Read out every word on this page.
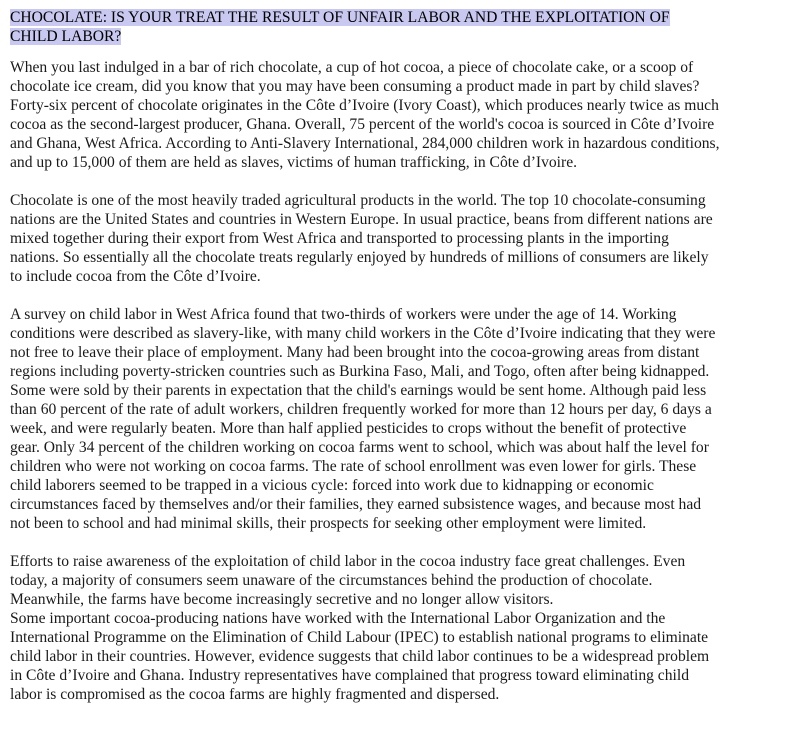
CHOCOLATE: IS YOUR TREAT THE RESULT OF UNFAIR LABOR AND THE EXPLOITATION OF CHILD LABOR?

When you last indulged in a bar of rich chocolate, a cup of hot cocoa, a piece of chocolate cake, or a scoop of chocolate ice cream, did you know that you may have been consuming a product made in part by child slaves? Forty-six percent of chocolate originates in the Côte d’Ivoire (Ivory Coast), which produces nearly twice as much cocoa as the second-largest producer, Ghana. Overall, 75 percent of the world's cocoa is sourced in Côte d’Ivoire and Ghana, West Africa. According to Anti-Slavery International, 284,000 children work in hazardous conditions, and up to 15,000 of them are held as slaves, victims of human trafficking, in Côte d’Ivoire.

Chocolate is one of the most heavily traded agricultural products in the world. The top 10 chocolate-consuming nations are the United States and countries in Western Europe. In usual practice, beans from different nations are mixed together during their export from West Africa and transported to processing plants in the importing nations. So essentially all the chocolate treats regularly enjoyed by hundreds of millions of consumers are likely to include cocoa from the Côte d’Ivoire.

A survey on child labor in West Africa found that two-thirds of workers were under the age of 14. Working conditions were described as slavery-like, with many child workers in the Côte d’Ivoire indicating that they were not free to leave their place of employment. Many had been brought into the cocoa-growing areas from distant regions including poverty-stricken countries such as Burkina Faso, Mali, and Togo, often after being kidnapped. Some were sold by their parents in expectation that the child's earnings would be sent home. Although paid less than 60 percent of the rate of adult workers, children frequently worked for more than 12 hours per day, 6 days a week, and were regularly beaten. More than half applied pesticides to crops without the benefit of protective gear. Only 34 percent of the children working on cocoa farms went to school, which was about half the level for children who were not working on cocoa farms. The rate of school enrollment was even lower for girls. These child laborers seemed to be trapped in a vicious cycle: forced into work due to kidnapping or economic circumstances faced by themselves and/or their families, they earned subsistence wages, and because most had not been to school and had minimal skills, their prospects for seeking other employment were limited.

Efforts to raise awareness of the exploitation of child labor in the cocoa industry face great challenges. Even today, a majority of consumers seem unaware of the circumstances behind the production of chocolate. Meanwhile, the farms have become increasingly secretive and no longer allow visitors.

Some important cocoa-producing nations have worked with the International Labor Organization and the International Programme on the Elimination of Child Labour (IPEC) to establish national programs to eliminate child labor in their countries. However, evidence suggests that child labor continues to be a widespread problem in Côte d’Ivoire and Ghana. Industry representatives have complained that progress toward eliminating child labor is compromised as the cocoa farms are highly fragmented and dispersed.
